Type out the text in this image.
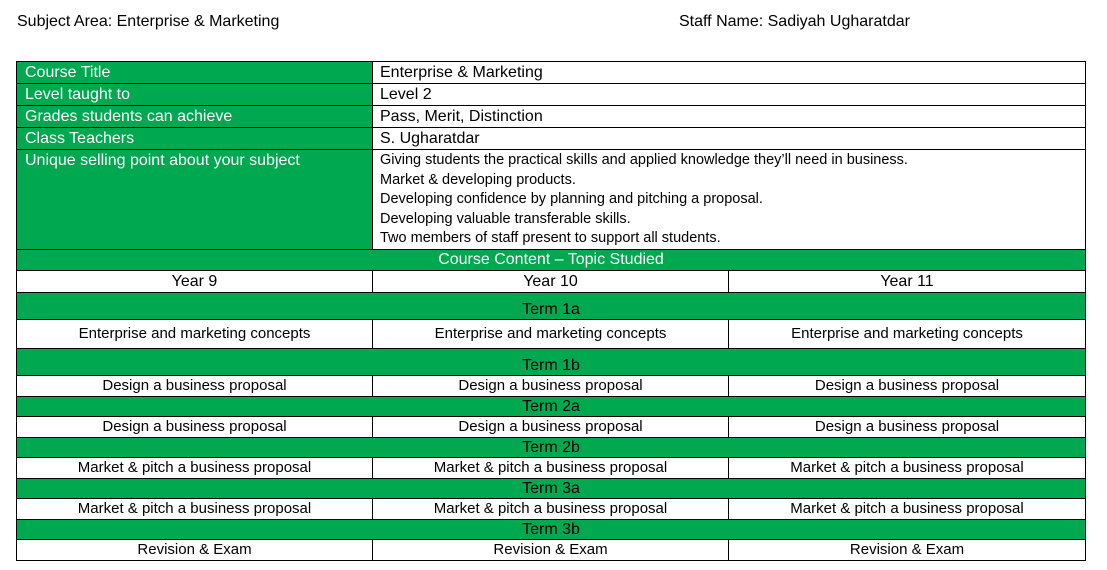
Subject Area: Enterprise & Marketing	Staff Name: Sadiyah Ugharatdar
Course Title	Enterprise & Marketing	
Level taught to	Level 2	
Grades students can achieve	Pass, Merit, Distinction	
Class Teachers	S. Ugharatdar	
Unique selling point about your subject	Giving students the practical skills and applied knowledge they’ll need in business.
Market & developing products.
Developing confidence by planning and pitching a proposal.
Developing valuable transferable skills.
Two members of staff present to support all students.	

Course Content – Topic Studied		
Year 9	Year 10	Year 11
Term 1a		
Enterprise and marketing concepts	Enterprise and marketing concepts	Enterprise and marketing concepts
Term 1b		
Design a business proposal	Design a business proposal	Design a business proposal
Term 2a		
Design a business proposal	Design a business proposal	Design a business proposal
Term 2b		
Market & pitch a business proposal	Market & pitch a business proposal	Market & pitch a business proposal
Term 3a		
Market & pitch a business proposal	Market & pitch a business proposal	Market & pitch a business proposal
Term 3b		
Revision & Exam	Revision & Exam	Revision & Exam
